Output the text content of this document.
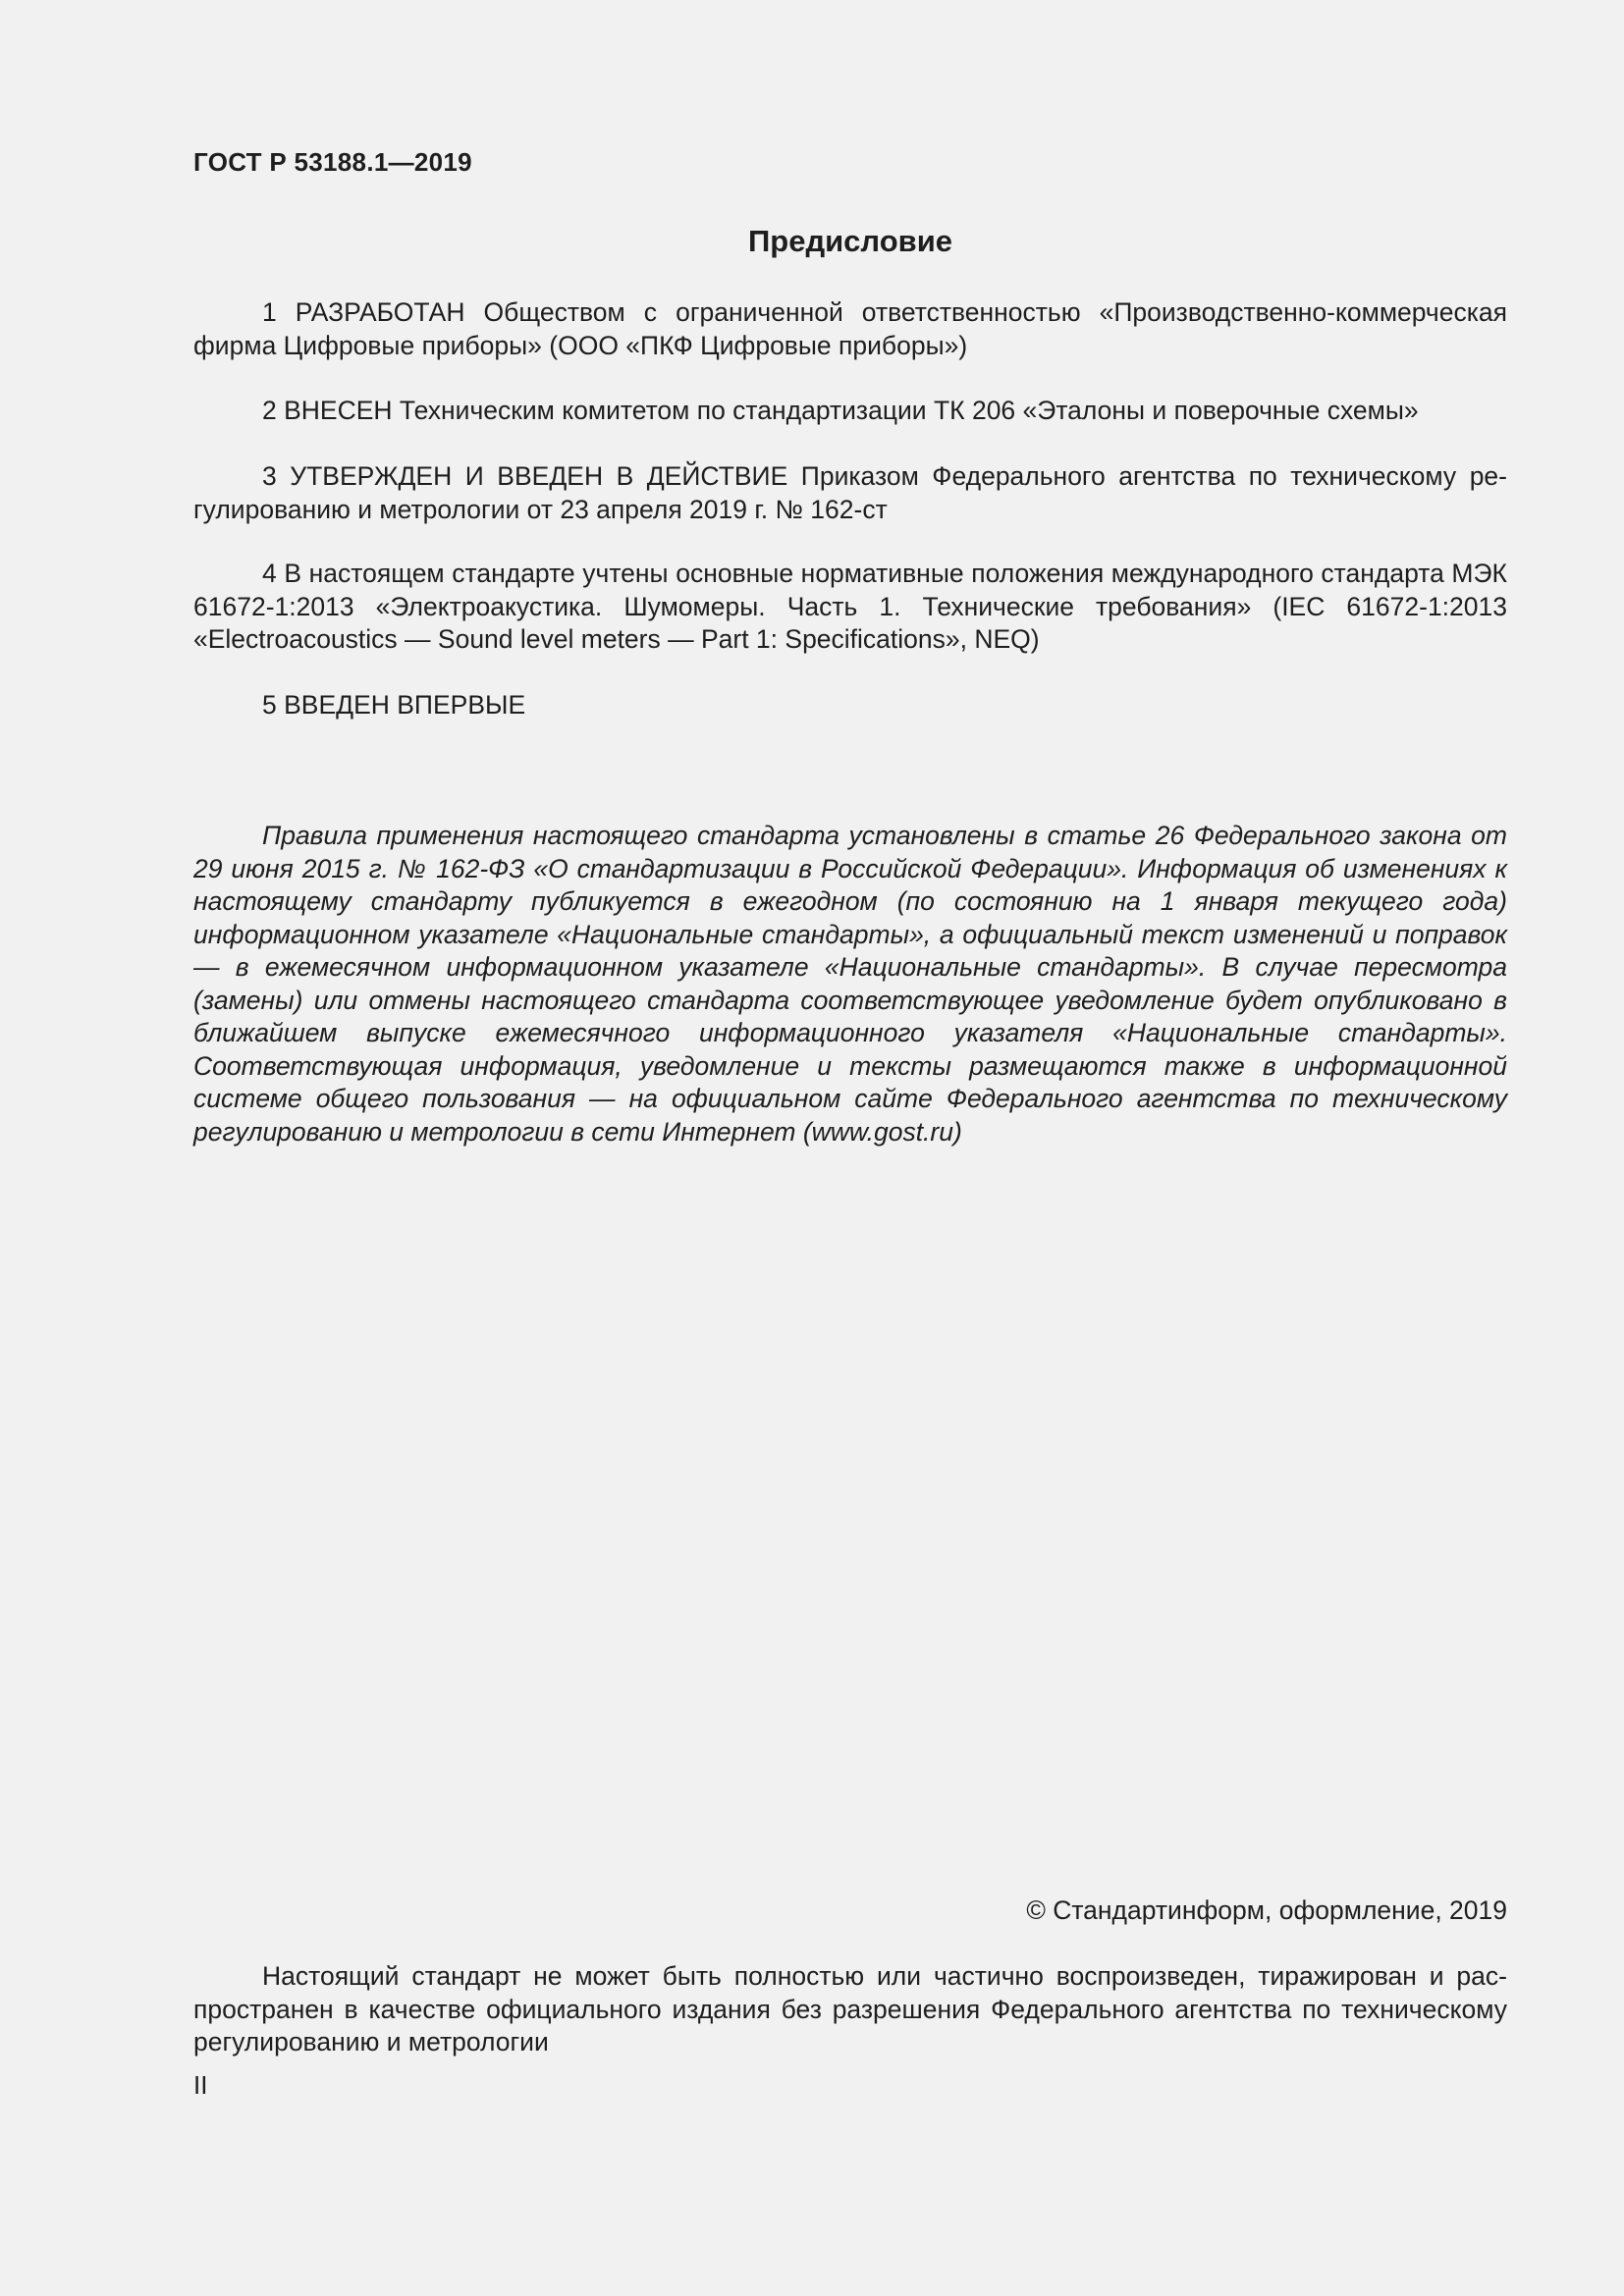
ГОСТ Р 53188.1—2019

Предисловие

1 РАЗРАБОТАН Обществом с ограниченной ответственностью «Производственно-коммерческая фирма Цифровые приборы» (ООО «ПКФ Цифровые приборы»)

2 ВНЕСЕН Техническим комитетом по стандартизации ТК 206 «Эталоны и поверочные схемы»

3 УТВЕРЖДЕН И ВВЕДЕН В ДЕЙСТВИЕ Приказом Федерального агентства по техническому регулированию и метрологии от 23 апреля 2019 г. № 162-ст

4 В настоящем стандарте учтены основные нормативные положения международного стандарта МЭК 61672-1:2013 «Электроакустика. Шумомеры. Часть 1. Технические требования» (IEC 61672-1:2013 «Electroacoustics — Sound level meters — Part 1: Specifications», NEQ)

5 ВВЕДЕН ВПЕРВЫЕ

Правила применения настоящего стандарта установлены в статье 26 Федерального закона от 29 июня 2015 г. № 162-ФЗ «О стандартизации в Российской Федерации». Информация об изменениях к настоящему стандарту публикуется в ежегодном (по состоянию на 1 января текущего года) информационном указателе «Национальные стандарты», а официальный текст изменений и поправок — в ежемесячном информационном указателе «Национальные стандарты». В случае пересмотра (замены) или отмены настоящего стандарта соответствующее уведомление будет опубликовано в ближайшем выпуске ежемесячного информационного указателя «Национальные стандарты». Соответствующая информация, уведомление и тексты размещаются также в информационной системе общего пользования — на официальном сайте Федерального агентства по техническому регулированию и метрологии в сети Интернет (www.gost.ru)

© Стандартинформ, оформление, 2019

Настоящий стандарт не может быть полностью или частично воспроизведен, тиражирован и распространен в качестве официального издания без разрешения Федерального агентства по техническому регулированию и метрологии

II
